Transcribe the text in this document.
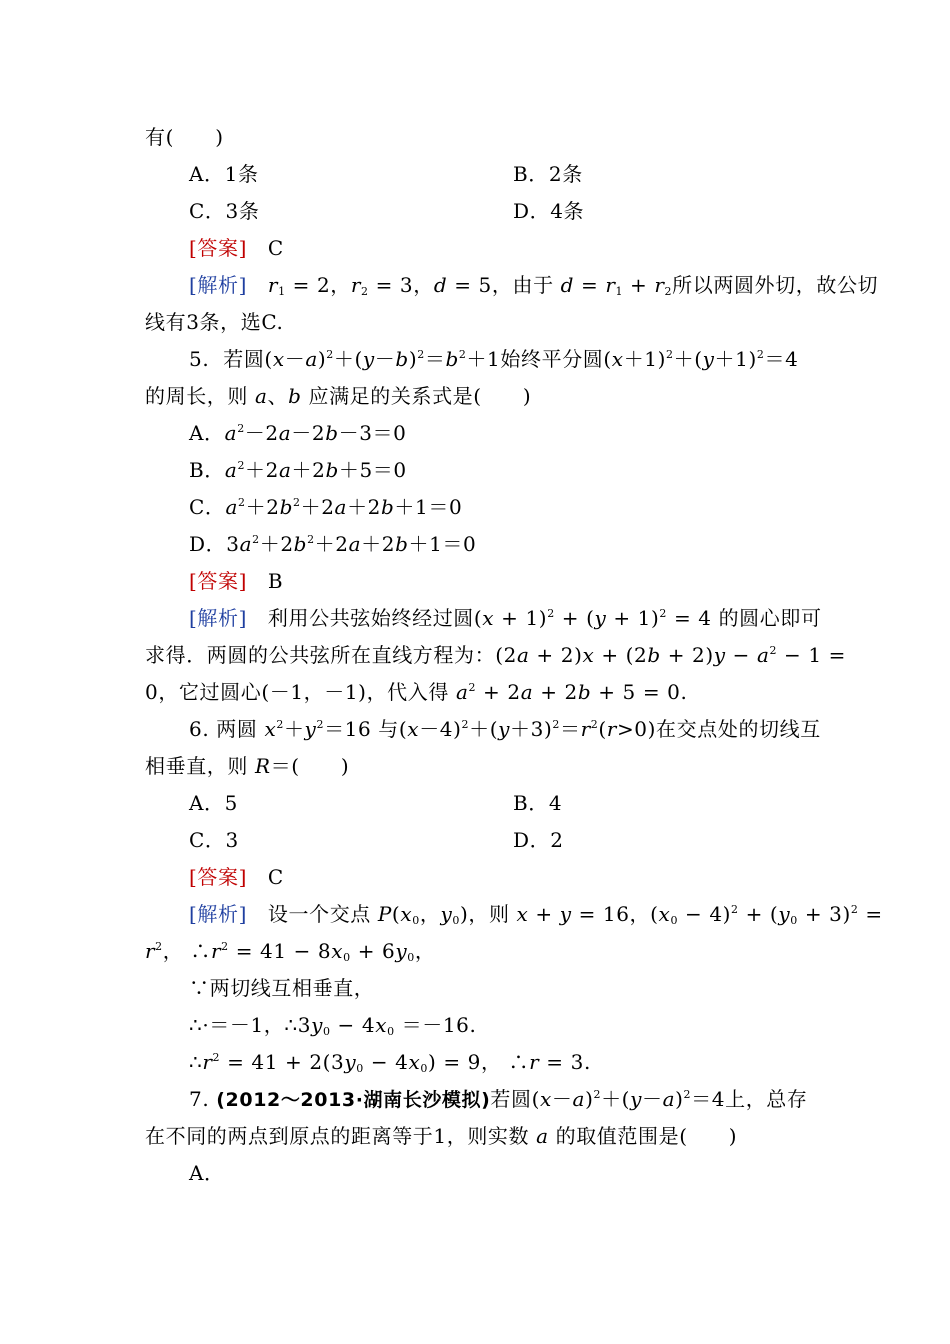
有(　　)
A．1条	B．2条
C．3条	D．4条
[答案] C
[解析] $r_1 = 2$，$r_2 = 3$，d = 5，由于 $d = r_1 + r_2$所以两圆外切，故公切
线有3条，选C.
5. 若圆$(x-a)^2+(y-b)^2=b^2+1$始终平分圆$(x+1)^2+(y+1)^2=4$
的周长，则 a、b 应满足的关系式是(　　)
A．$a^2-2a-2b-3=0$
B．$a^2+2a+2b+5=0$
C．$a^2+2b^2+2a+2b+1=0$
D．$3a^2+2b^2+2a+2b+1=0$
[答案] B
[解析] 利用公共弦始终经过圆$(x + 1)^2 + (y + 1)^2 = 4$ 的圆心即可
求得．两圆的公共弦所在直线方程为：$(2a + 2)x + (2b + 2)y - a^2 - 1$ =
0，它过圆心(－1，－1)，代入得 $a^2 + 2a + 2b + 5 = 0$.
6. 两圆 $x^2+y^2=16$ 与$(x-4)^2+(y+3)^2=r^2(r>0)$在交点处的切线互
相垂直，则 R＝(　　)
A．5	B．4
C．3	D．2
[答案] C
[解析] 设一个交点 $P(x_0$，$y_0$)，则 x + y = 16，$(x_0 - 4)^2 + (y_0 + 3)^2$ =
$r^2$， $\therefore r^2 = 41 - 8x_0 + 6y_0$，
∵两切线互相垂直，
∴·＝－1，$\therefore 3y_0 - 4x_0 =-16$.
$\therefore r^2 = 41 + 2(3y_0 - 4x_0) = 9$， ∴r = 3.
7. (2012～2013·湖南长沙模拟)若圆$(x-a)^2+(y-a)^2=4$上，总存
在不同的两点到原点的距离等于1，则实数 a 的取值范围是(　　)
A．
